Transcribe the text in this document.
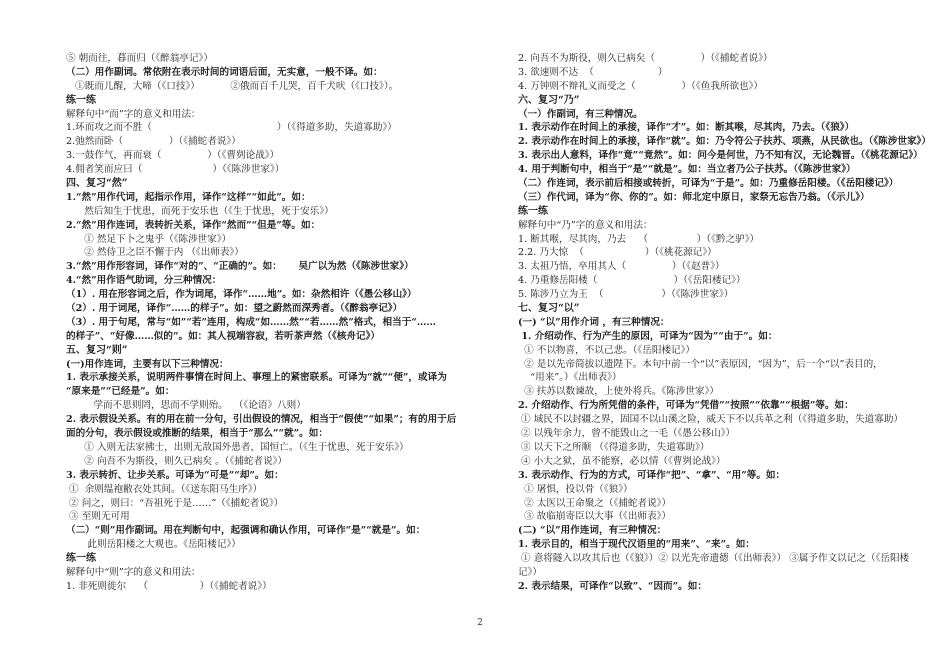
⑤ 朝而往，暮而归（《醉翁亭记》）
（二）用作副词。常依附在表示时间的词语后面，无实意，一般不译。如：
①既而儿醒，大啼（《口技》）          ②俄而百千儿哭，百千犬吠（《口技》）。
练一练
解释句中“而”字的意义和用法：
1.环而攻之而不胜（                                         ）（《得道多助，失道寡助》）
2.弛然而卧（               ）（《捕蛇者说》）
3.一鼓作气，再而衰（               ）（《曹刿论战》）
4.佣者笑而应曰（                       ）（《陈涉世家》）
四、复习“然”
1.“然”用作代词，起指示作用，译作“这样”“如此”。如：
然后知生于忧患，而死于安乐也（《生于忧患，死于安乐》）
2.“然”用作连词，表转折关系，译作“然而”“但是”等。如：
① 然足下卜之鬼乎（《陈涉世家》）
② 然侍卫之臣不懈于内 （《出师表》）
3.“然”用作形容词，译作“对的”、“正确的”。如：     吴广以为然（《陈涉世家》）
4.“然”用作语气助词，分三种情况：
（1）. 用在形容词之后，作为词尾，译作“……地”。如：杂然相许（《愚公移山》）
（2）. 用于词尾，译作“……的样子”。如：望之蔚然而深秀者。（《醉翁亭记》）
（3）. 用于句尾，常与“如”“若”连用，构成“如……然”“若……然”格式，相当于“……
的样子”、“好像……似的”。如：其人视端容寂，若听茶声然（《核舟记》）
五、复习“则”
(一)用作连词，主要有以下三种情况：
1. 表示承接关系，说明两件事情在时间上、事理上的紧密联系。可译为“就”“便”，或译为
“原来是”“已经是”。如：
学而不思则罔，思而不学则殆。  （《论语》八则）
2. 表示假设关系。有的用在前一分句，引出假设的情况，相当于“假使”“如果”；有的用于后
面的分句，表示假设或推断的结果，相当于“那么”“就”。如：
① 入则无法家拂士，出则无敌国外患者，国恒亡。（《生于忧患，死于安乐》）
② 向吾不为斯役，则久已病矣 。（《捕蛇者说》）
3. 表示转折、让步关系。可译为“可是”“却”。如：
①  余则缊袍敝衣处其间。（《送东阳马生序》）
② 问之，则曰：“吾祖死于是……”（《捕蛇者说》）
③ 至则无可用
（二）“则”用作副词。用在判断句中，起强调和确认作用，可译作“是”“就是”。如：
此则岳阳楼之大观也。《岳阳楼记》）
练一练
解释句中“则”字的意义和用法：
1. 非死则徙尔    （                 ）（《捕蛇者说》）
2. 向吾不为斯役，则久已病矣（               ）（《捕蛇者说》）
3. 欲速则不达  （                     ）
4. 万钟则不辩礼义而受之（               ）（《鱼我所欲也》）
六、复习“乃”
（一）作副词，有三种情况。
1. 表示动作在时间上的承接，译作“才”。如：断其喉，尽其肉，乃去。（《狼》）
2. 表示动作在时间上的承接，译作“就”。如：乃令符公子扶苏、项燕，从民欲也。（《陈涉世家》）
3. 表示出人意料，译作“竟”“竟然”。如：问今是何世，乃不知有汉，无论魏晋。（《桃花源记》）
4. 用于判断句中，相当于“是”“就是”。如：当立者乃公子扶苏。（《陈涉世家》）
（二）作连词，表示前后相接或转折，可译为“于是”。如：乃重修岳阳楼。（《岳阳楼记》）
（三）作代词，译为“你、你的”。如：师北定中原日，家祭无忘告乃翁。（《示儿》）
练一练
解释句中“乃”字的意义和用法：
1. 断其喉，尽其肉，乃去    （                ）（《黔之驴》）
2.2. 乃大惊  （                    ）（《桃花源记》）
3. 太祖乃悟，卒用其人（               ）（《赵普》）
4. 乃重修岳阳楼（                         ）（《岳阳楼记》）
5. 陈涉乃立为王  （                   ）（《陈涉世家》）
七、复习“以”
(一) “以”用作介词 ，有三种情况：
1. 介绍动作、行为产生的原因，可译为“因为”“由于”。如：
① 不以物喜，不以己悲。（《岳阳楼记》）
② 是以先帝简拔以遗陛下。本句中前一个“以”表原因，“因为”，后一个“以”表目的，
“用来”。）《出师表》）
③ 扶苏以数谏故，上使外将兵。《陈涉世家》）
2. 介绍动作、行为所凭借的条件，可译为“凭借”“按照”“依靠”“根据”等。如：
① 域民不以封疆之界，固国不以山溪之险，威天下不以兵革之利（《得道多助，失道寡助）
② 以残年余力，曾不能毁山之一毛（《愚公移山》）
③ 以天下之所顺 （《得道多助，失道寡助》）
④ 小大之狱，虽不能察，必以情（《曹刿论战》）
3. 表示动作、行为的方式，可译作“把”、“拿”、“用”等。如：
① 屠惧，投以骨（《狼》）
② 太医以王命聚之（《捕蛇者说》）
③ 故临崩寄臣以大事（《出师表》）
(二) “以”用作连词，有三种情况：
1. 表示目的，相当于现代汉语里的“用来”、“来”。如：
① 意将隧入以攻其后也（《狼》）② 以光先帝遗德（《出师表》） ③属予作文以记之（《岳阳楼
记》）
2. 表示结果，可译作“以致”、“因而”。如：
2
